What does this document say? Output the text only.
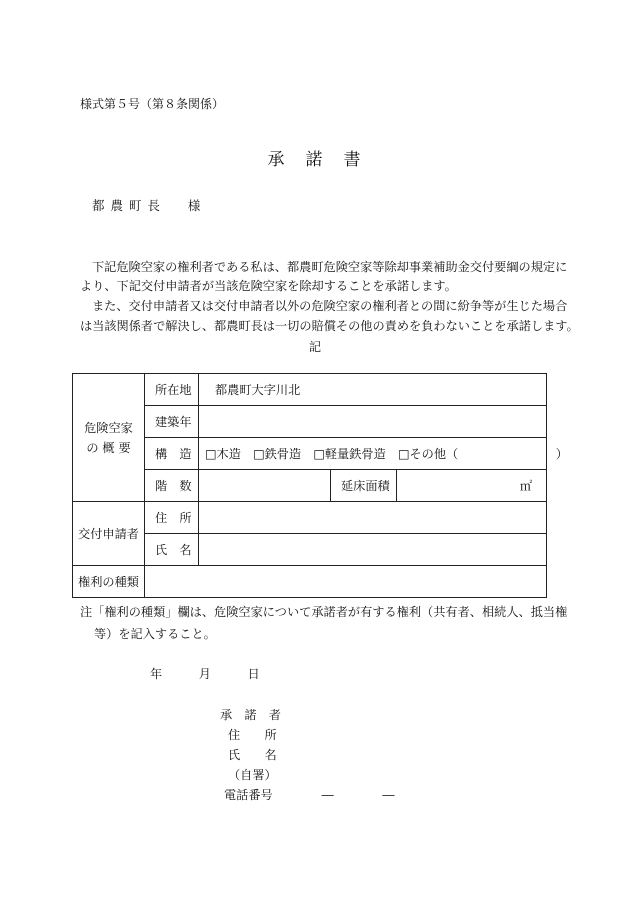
様式第５号（第８条関係）
承　諾　書
都 農 町 長　　様
下記危険空家の権利者である私は、都農町危険空家等除却事業補助金交付要綱の規定に
より、下記交付申請者が当該危険空家を除却することを承諾します。
また、交付申請者又は交付申請者以外の危険空家の権利者との間に紛争等が生じた場合
は当該関係者で解決し、都農町長は一切の賠償その他の責めを負わないことを承諾します。
記
危険空家
の 概 要	所在地	都農町大字川北		
	建築年			
	構　造	□木造　□鉄骨造　□軽量鉄骨造　□その他（　　　　　　　　）		
	階　数		延床面積	㎡
交付申請者	住　所			
	氏　名			
権利の種類				
注「権利の種類」欄は、危険空家について承諾者が有する権利（共有者、相続人、抵当権
等）を記入すること。
年　　　月　　　日
承　諾　者
住　　所
氏　　名
（自署）
電話番号　　　　―　　　　―
